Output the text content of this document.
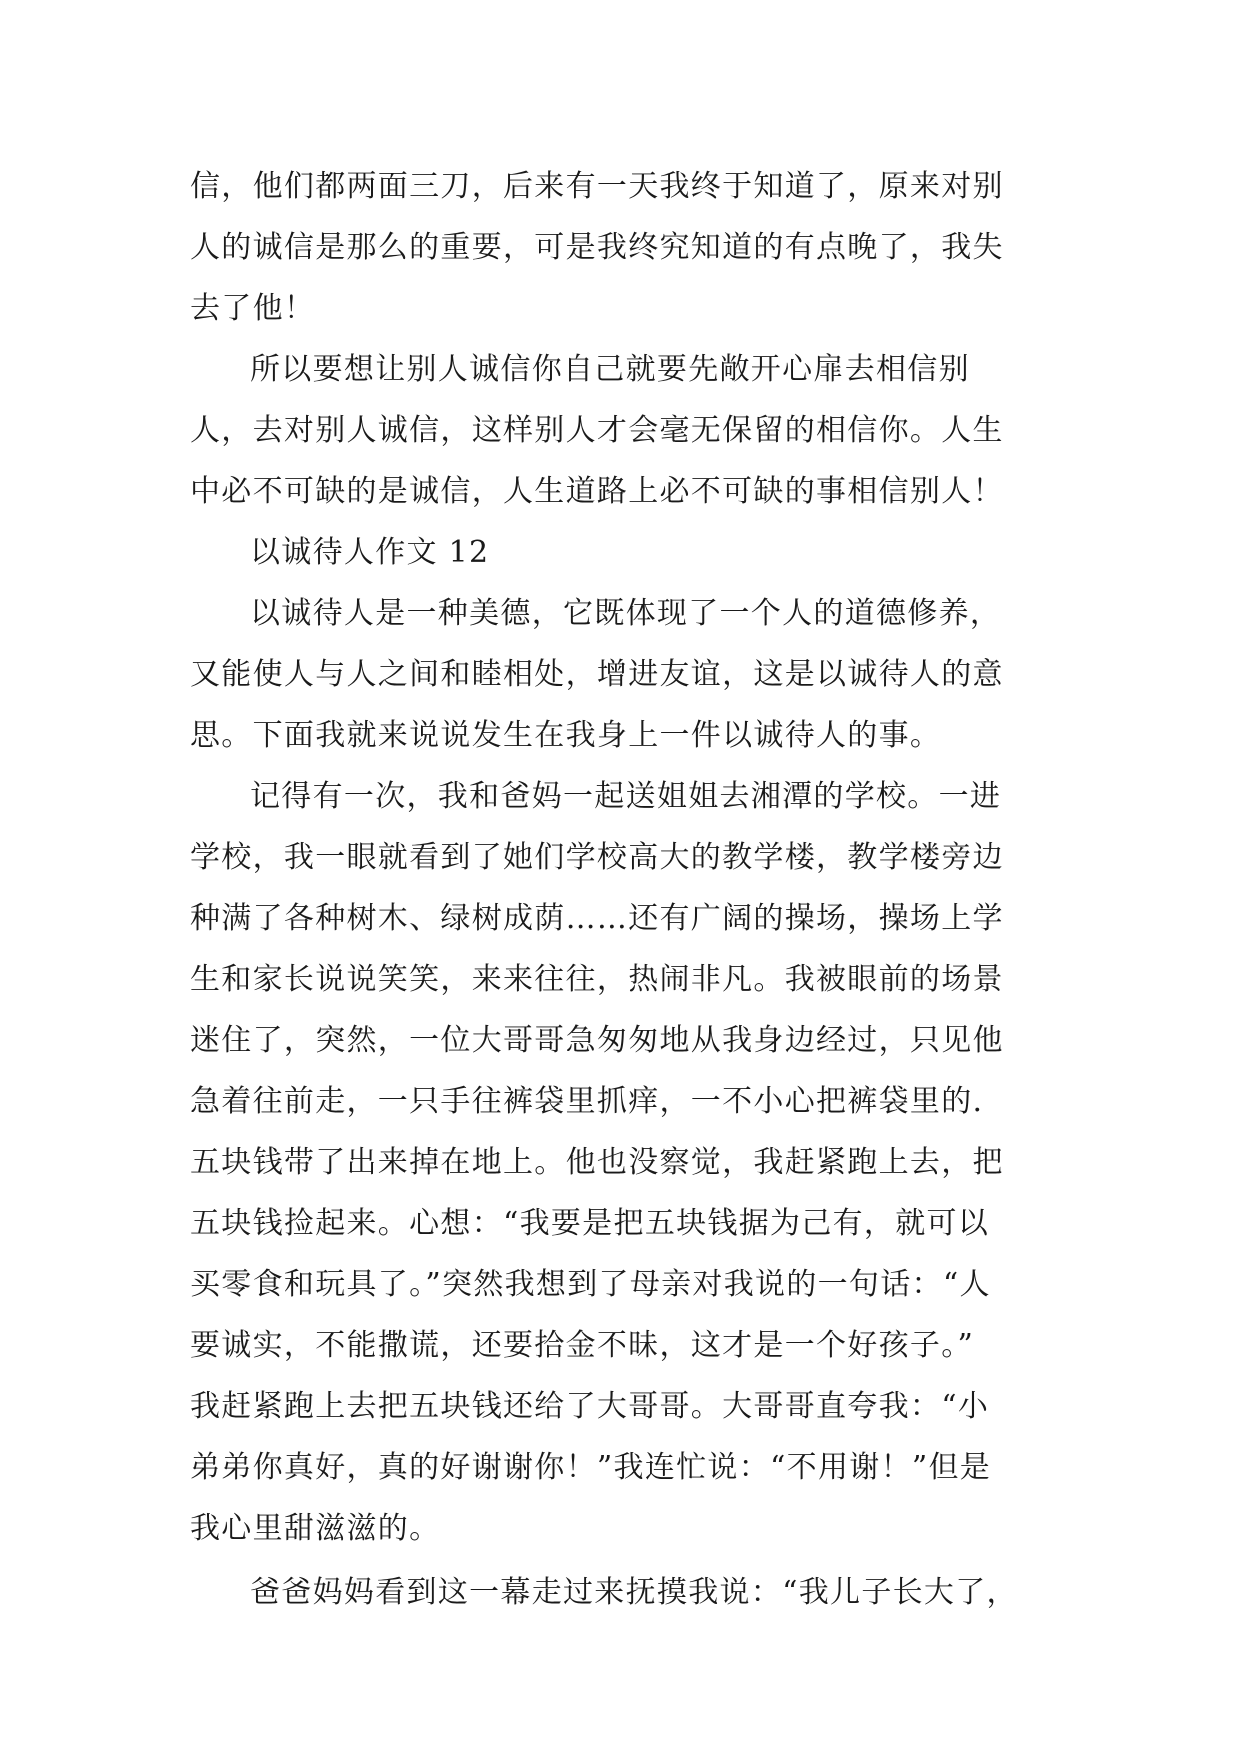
信，他们都两面三刀，后来有一天我终于知道了，原来对别
人的诚信是那么的重要，可是我终究知道的有点晚了，我失
去了他！
所以要想让别人诚信你自己就要先敞开心扉去相信别
人，去对别人诚信，这样别人才会毫无保留的相信你。人生
中必不可缺的是诚信，人生道路上必不可缺的事相信别人！
以诚待人作文 12
以诚待人是一种美德，它既体现了一个人的道德修养，
又能使人与人之间和睦相处，增进友谊，这是以诚待人的意
思。下面我就来说说发生在我身上一件以诚待人的事。
记得有一次，我和爸妈一起送姐姐去湘潭的学校。一进
学校，我一眼就看到了她们学校高大的教学楼，教学楼旁边
种满了各种树木、绿树成荫……还有广阔的操场，操场上学
生和家长说说笑笑，来来往往，热闹非凡。我被眼前的场景
迷住了，突然，一位大哥哥急匆匆地从我身边经过，只见他
急着往前走，一只手往裤袋里抓痒，一不小心把裤袋里的.
五块钱带了出来掉在地上。他也没察觉，我赶紧跑上去，把
五块钱捡起来。心想：“我要是把五块钱据为己有，就可以
买零食和玩具了。”突然我想到了母亲对我说的一句话：“人
要诚实，不能撒谎，还要拾金不昧，这才是一个好孩子。”
我赶紧跑上去把五块钱还给了大哥哥。大哥哥直夸我：“小
弟弟你真好，真的好谢谢你！”我连忙说：“不用谢！”但是
我心里甜滋滋的。
爸爸妈妈看到这一幕走过来抚摸我说：“我儿子长大了，
